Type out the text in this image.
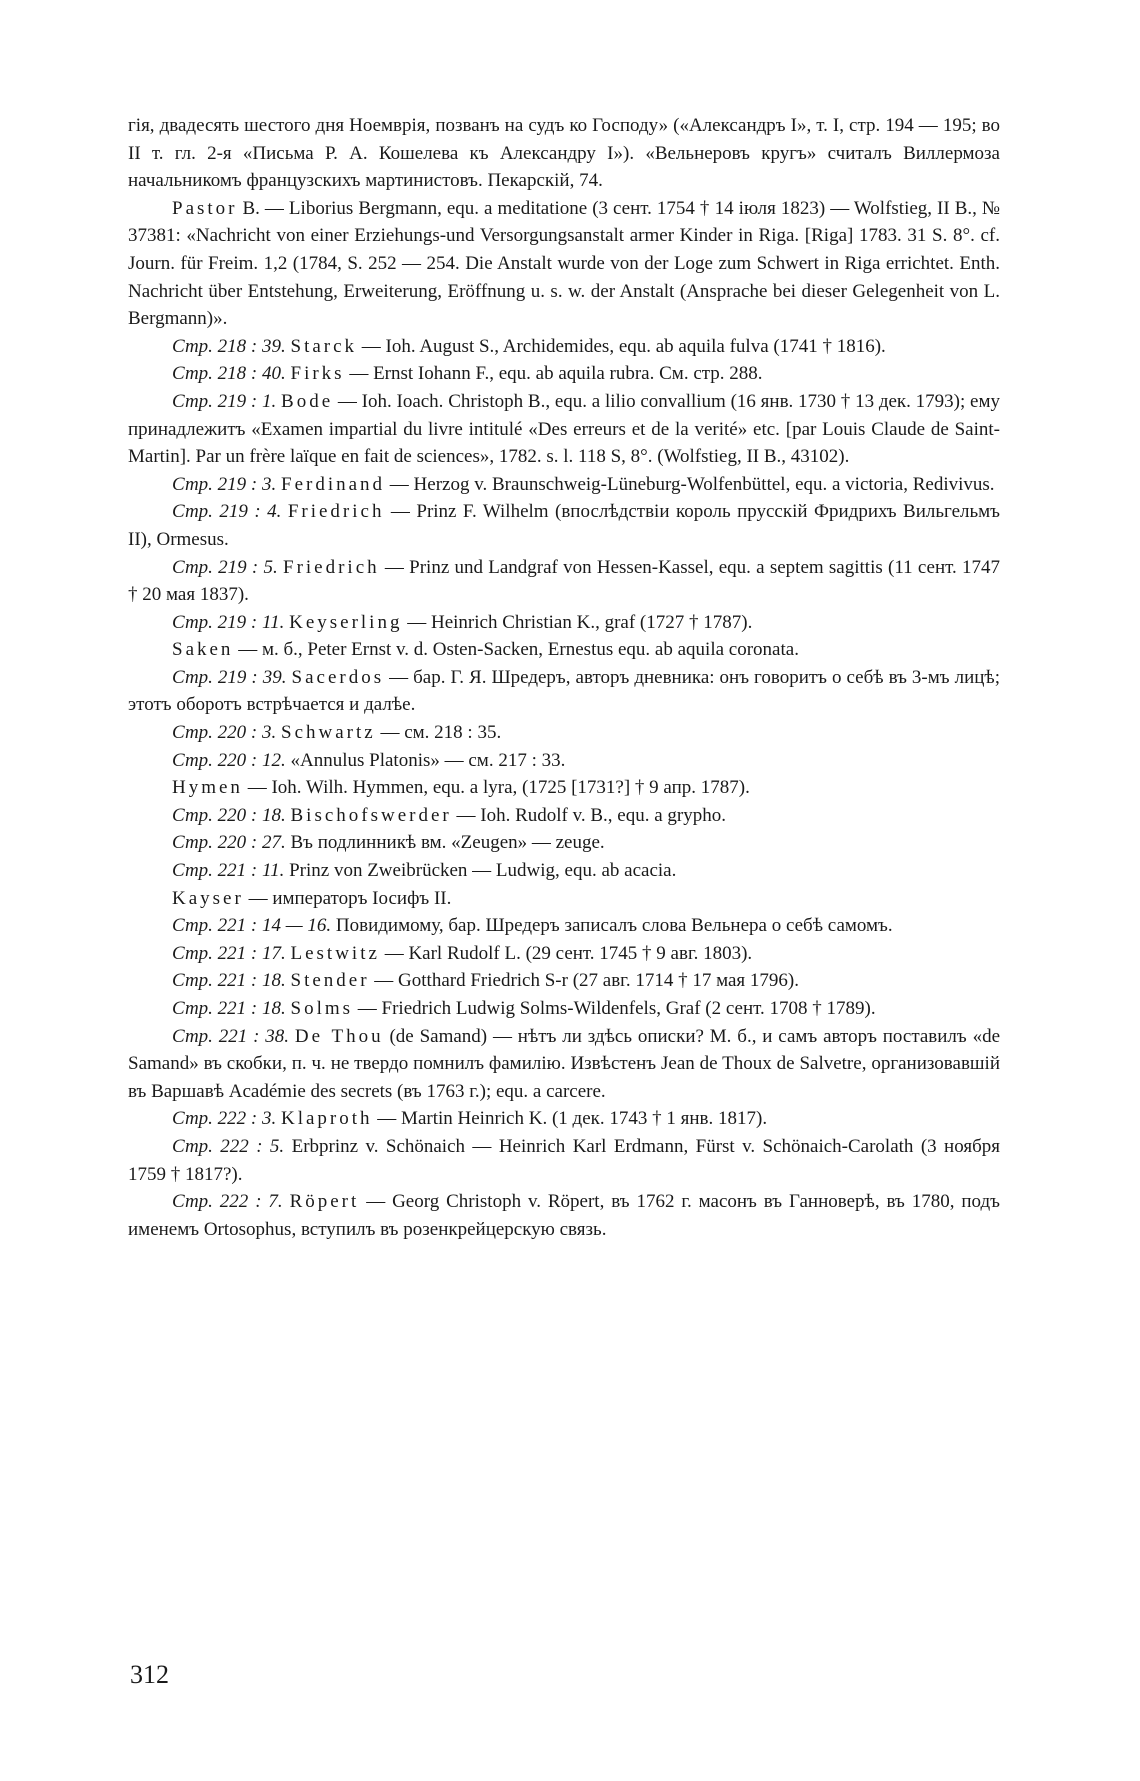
гія, двадесять шестого дня Ноемврія, позванъ на судъ ко Господу» («Александръ I», т. I, стр. 194 — 195; во II т. гл. 2-я «Письма Р. А. Кошелева къ Александру I»). «Вельнеровъ кругъ» считалъ Виллермоза начальникомъ французскихъ мартинистовъ. Пекарскій, 74.

Pastor B. — Liborius Bergmann, equ. a meditatione (3 сент. 1754 † 14 іюля 1823) — Wolfstieg, II B., № 37381: «Nachricht von einer Erziehungs-und Versorgungsanstalt armer Kinder in Riga. [Riga] 1783. 31 S. 8°. cf. Journ. für Freim. 1,2 (1784, S. 252 — 254. Die Anstalt wurde von der Loge zum Schwert in Riga errichtet. Enth. Nachricht über Entstehung, Erweiterung, Eröffnung u. s. w. der Anstalt (Ansprache bei dieser Gelegenheit von L. Bergmann)».

Стр. 218 : 39. Starck — Ioh. August S., Archidemides, equ. ab aquila fulva (1741 † 1816).

Стр. 218 : 40. Firks — Ernst Iohann F., equ. ab aquila rubra. См. стр. 288.

Стр. 219 : 1. Bode — Ioh. Ioach. Christoph B., equ. a lilio convallium (16 янв. 1730 † 13 дек. 1793); ему принадлежитъ «Examen impartial du livre intitulé «Des erreurs et de la verité» etc. [par Louis Claude de Saint-Martin]. Par un frère laïque en fait de sciences», 1782. s. l. 118 S, 8°. (Wolfstieg, II B., 43102).

Стр. 219 : 3. Ferdinand — Herzog v. Braunschweig-Lüneburg-Wolfenbüttel, equ. a victoria, Redivivus.

Стр. 219 : 4. Friedrich — Prinz F. Wilhelm (впослѣдствіи король прусскій Фридрихъ Вильгельмъ II), Ormesus.

Стр. 219 : 5. Friedrich — Prinz und Landgraf von Hessen-Kassel, equ. a septem sagittis (11 сент. 1747 † 20 мая 1837).

Стр. 219 : 11. Keyserling — Heinrich Christian K., graf (1727 † 1787).

Saken — м. б., Peter Ernst v. d. Osten-Sacken, Ernestus equ. ab aquila coronata.

Стр. 219 : 39. Sacerdos — бар. Г. Я. Шредеръ, авторъ дневника: онъ говоритъ о себѣ въ 3-мъ лицѣ; этотъ оборотъ встрѣчается и далѣе.

Стр. 220 : 3. Schwartz — см. 218 : 35.

Стр. 220 : 12. «Annulus Platonis» — см. 217 : 33.

Hymen — Ioh. Wilh. Hymmen, equ. a lyra, (1725 [1731?] † 9 апр. 1787).

Стр. 220 : 18. Bischofswerder — Ioh. Rudolf v. B., equ. a grypho.

Стр. 220 : 27. Въ подлинникѣ вм. «Zeugen» — zeuge.

Стр. 221 : 11. Prinz von Zweibrücken — Ludwig, equ. ab acacia.

Kayser — императоръ Іосифъ II.

Стр. 221 : 14 — 16. Повидимому, бар. Шредеръ записалъ слова Вельнера о себѣ самомъ.

Стр. 221 : 17. Lestwitz — Karl Rudolf L. (29 сент. 1745 † 9 авг. 1803).

Стр. 221 : 18. Stender — Gotthard Friedrich S-r (27 авг. 1714 † 17 мая 1796).

Стр. 221 : 18. Solms — Friedrich Ludwig Solms-Wildenfels, Graf (2 сент. 1708 † 1789).

Стр. 221 : 38. De Thou (de Samand) — нѣтъ ли здѣсь описки? М. б., и самъ авторъ поставилъ «de Samand» въ скобки, п. ч. не твердо помнилъ фамилію. Извѣстенъ Jean de Thoux de Salvetre, организовавшій въ Варшавѣ Académie des secrets (въ 1763 г.); equ. a carcere.

Стр. 222 : 3. Klaproth — Martin Heinrich K. (1 дек. 1743 † 1 янв. 1817).

Стр. 222 : 5. Erbprinz v. Schönaich — Heinrich Karl Erdmann, Fürst v. Schönaich-Carolath (3 ноября 1759 † 1817?).

Стр. 222 : 7. Röpert — Georg Christoph v. Röpert, въ 1762 г. масонъ въ Ганноверѣ, въ 1780, подъ именемъ Ortosophus, вступилъ въ розенкрейцерскую связь.

312
